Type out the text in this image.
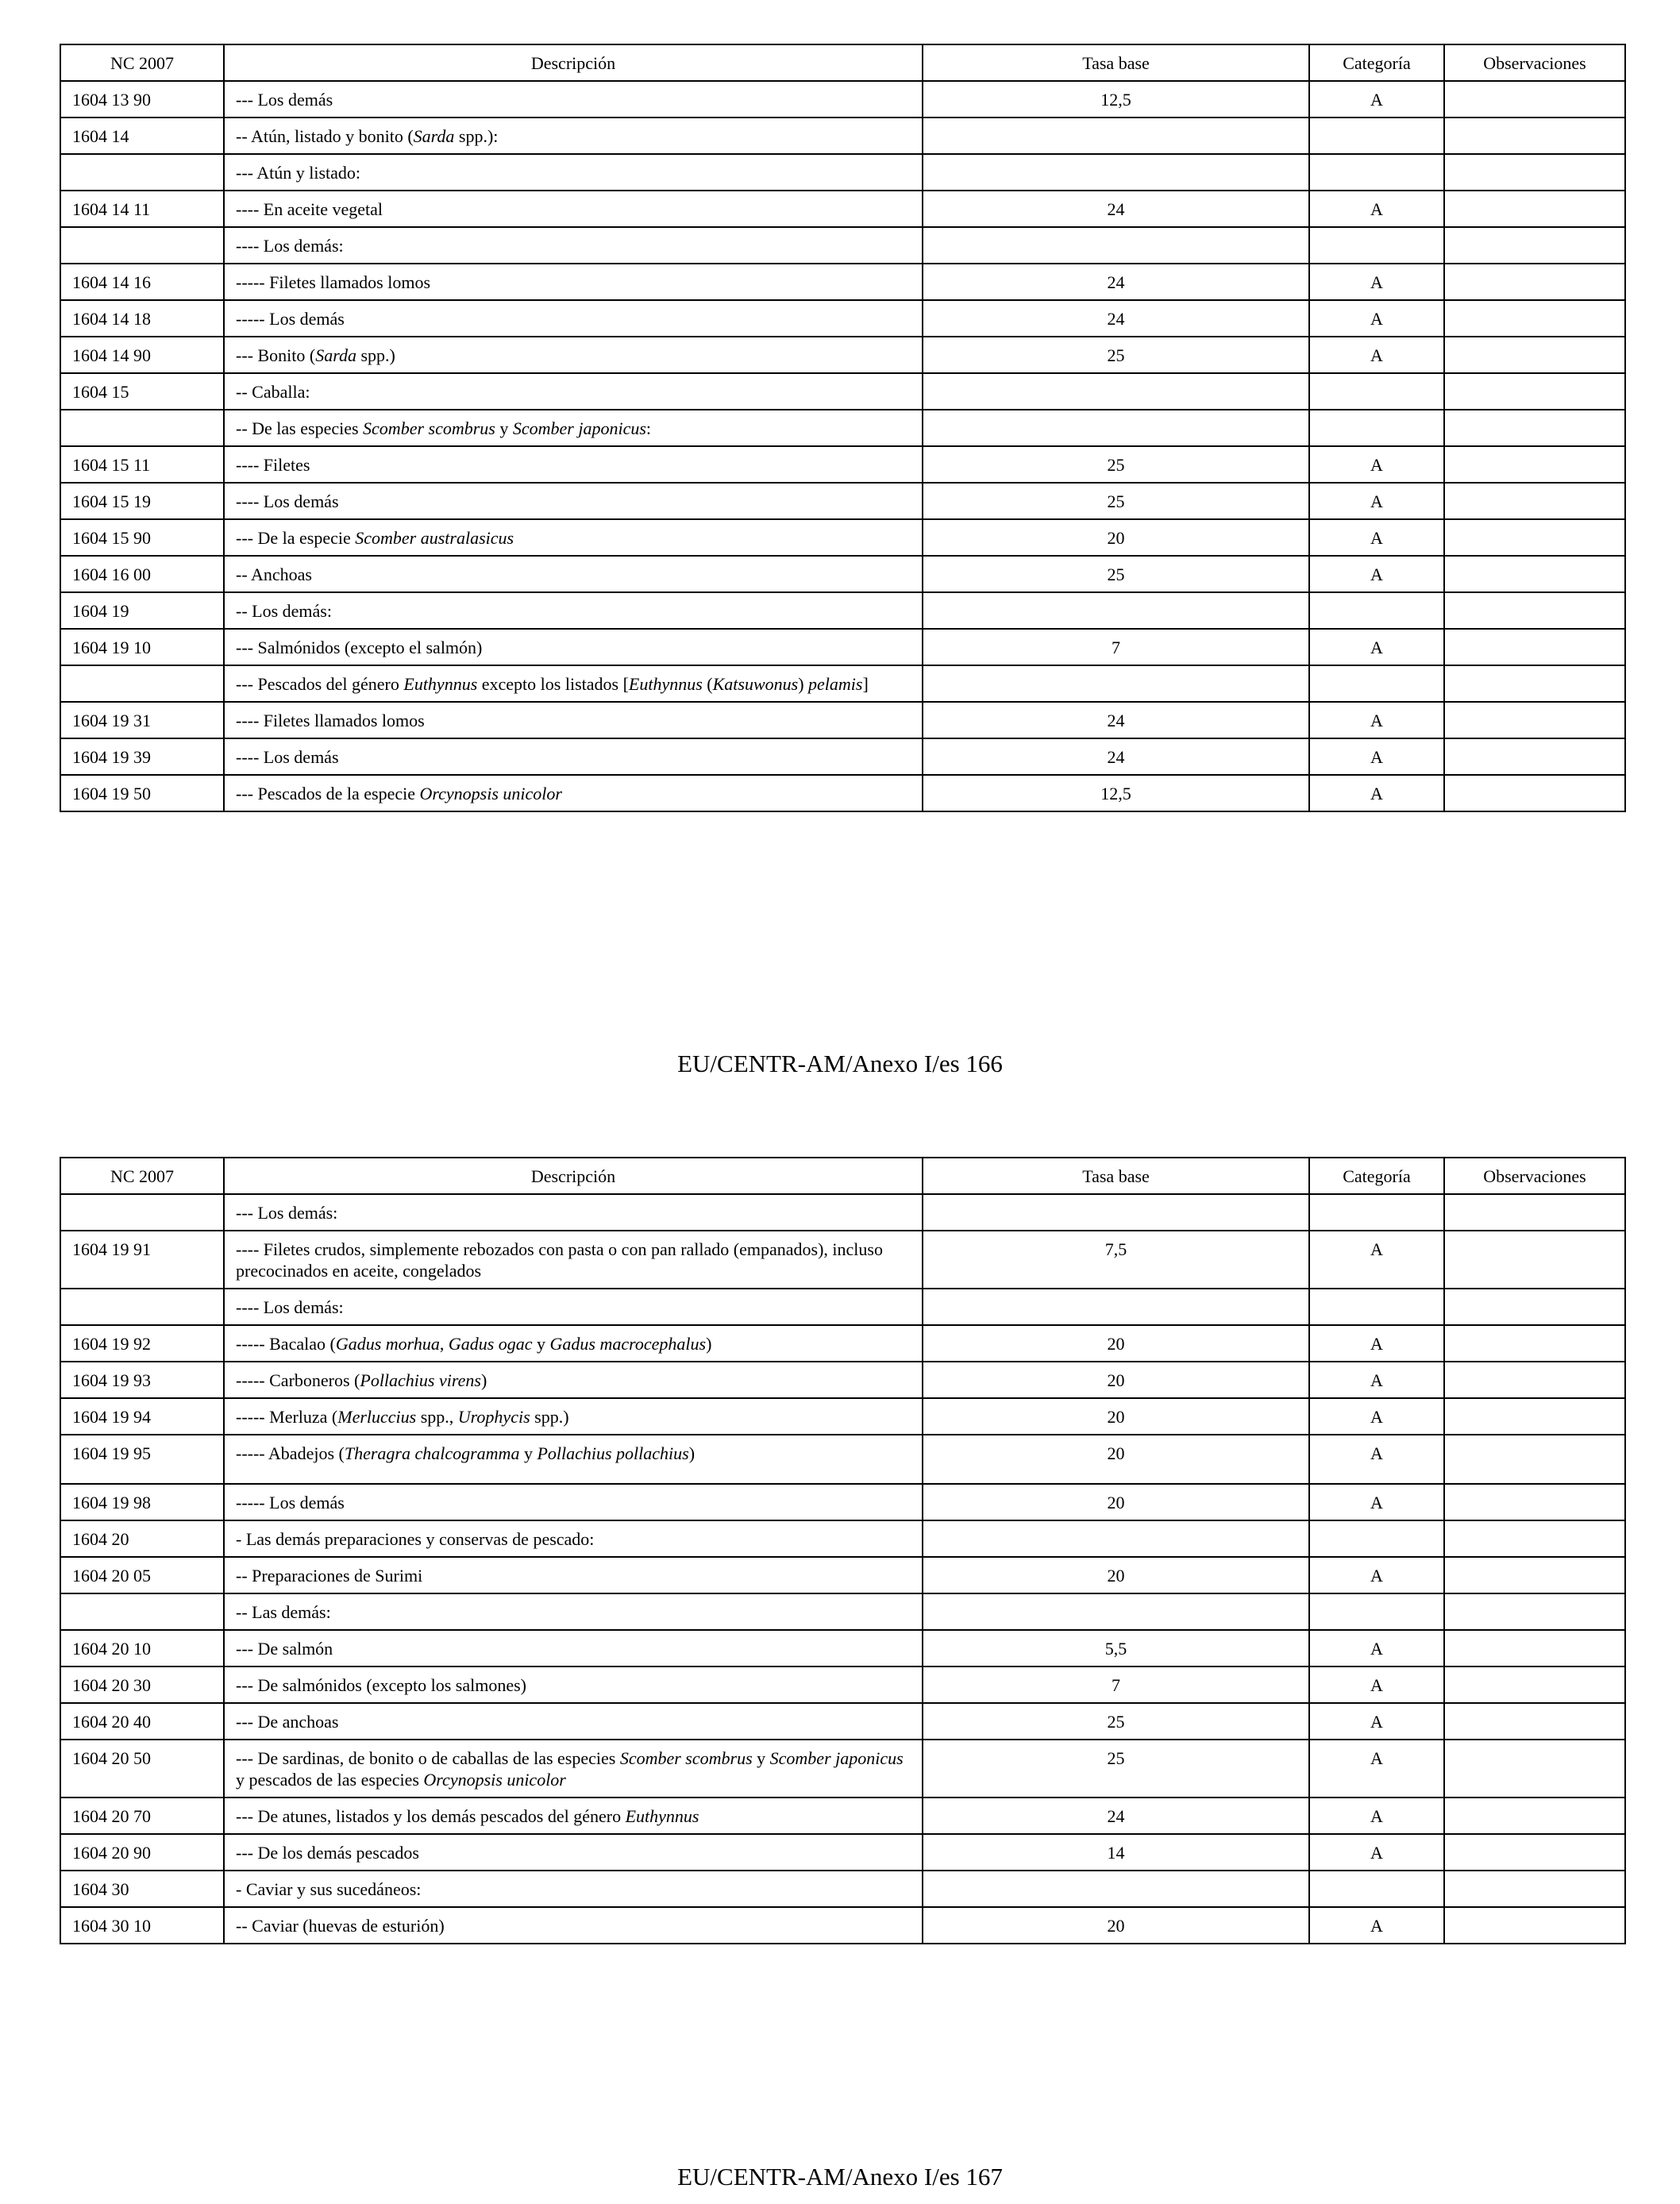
NC 2007	Descripción	Tasa base	Categoría	Observaciones
1604 13 90	--- Los demás	12,5	A	
1604 14	-- Atún, listado y bonito (Sarda spp.):			
	--- Atún y listado:			
1604 14 11	---- En aceite vegetal	24	A	
	---- Los demás:			
1604 14 16	----- Filetes llamados lomos	24	A	
1604 14 18	----- Los demás	24	A	
1604 14 90	--- Bonito (Sarda spp.)	25	A	
1604 15	-- Caballa:			
	-- De las especies Scomber scombrus y Scomber japonicus:			
1604 15 11	---- Filetes	25	A	
1604 15 19	---- Los demás	25	A	
1604 15 90	--- De la especie Scomber australasicus	20	A	
1604 16 00	-- Anchoas	25	A	
1604 19	-- Los demás:			
1604 19 10	--- Salmónidos (excepto el salmón)	7	A	
	--- Pescados del género Euthynnus excepto los listados [Euthynnus (Katsuwonus) pelamis]			
1604 19 31	---- Filetes llamados lomos	24	A	
1604 19 39	---- Los demás	24	A	
1604 19 50	--- Pescados de la especie Orcynopsis unicolor	12,5	A	
EU/CENTR-AM/Anexo I/es 166
NC 2007	Descripción	Tasa base	Categoría	Observaciones
	--- Los demás:			
1604 19 91	---- Filetes crudos, simplemente rebozados con pasta o con pan rallado (empanados), incluso precocinados en aceite, congelados	7,5	A	
	---- Los demás:			
1604 19 92	----- Bacalao (Gadus morhua, Gadus ogac y Gadus macrocephalus)	20	A	
1604 19 93	----- Carboneros (Pollachius virens)	20	A	
1604 19 94	----- Merluza (Merluccius spp., Urophycis spp.)	20	A	
1604 19 95	----- Abadejos (Theragra chalcogramma y Pollachius pollachius)	20	A	
1604 19 98	----- Los demás	20	A	
1604 20	- Las demás preparaciones y conservas de pescado:			
1604 20 05	-- Preparaciones de Surimi	20	A	
	-- Las demás:			
1604 20 10	--- De salmón	5,5	A	
1604 20 30	--- De salmónidos (excepto los salmones)	7	A	
1604 20 40	--- De anchoas	25	A	
1604 20 50	--- De sardinas, de bonito o de caballas de las especies Scomber scombrus y Scomber japonicus y pescados de las especies Orcynopsis unicolor	25	A	
1604 20 70	--- De atunes, listados y los demás pescados del género Euthynnus	24	A	
1604 20 90	--- De los demás pescados	14	A	
1604 30	- Caviar y sus sucedáneos:			
1604 30 10	-- Caviar (huevas de esturión)	20	A	
EU/CENTR-AM/Anexo I/es 167
